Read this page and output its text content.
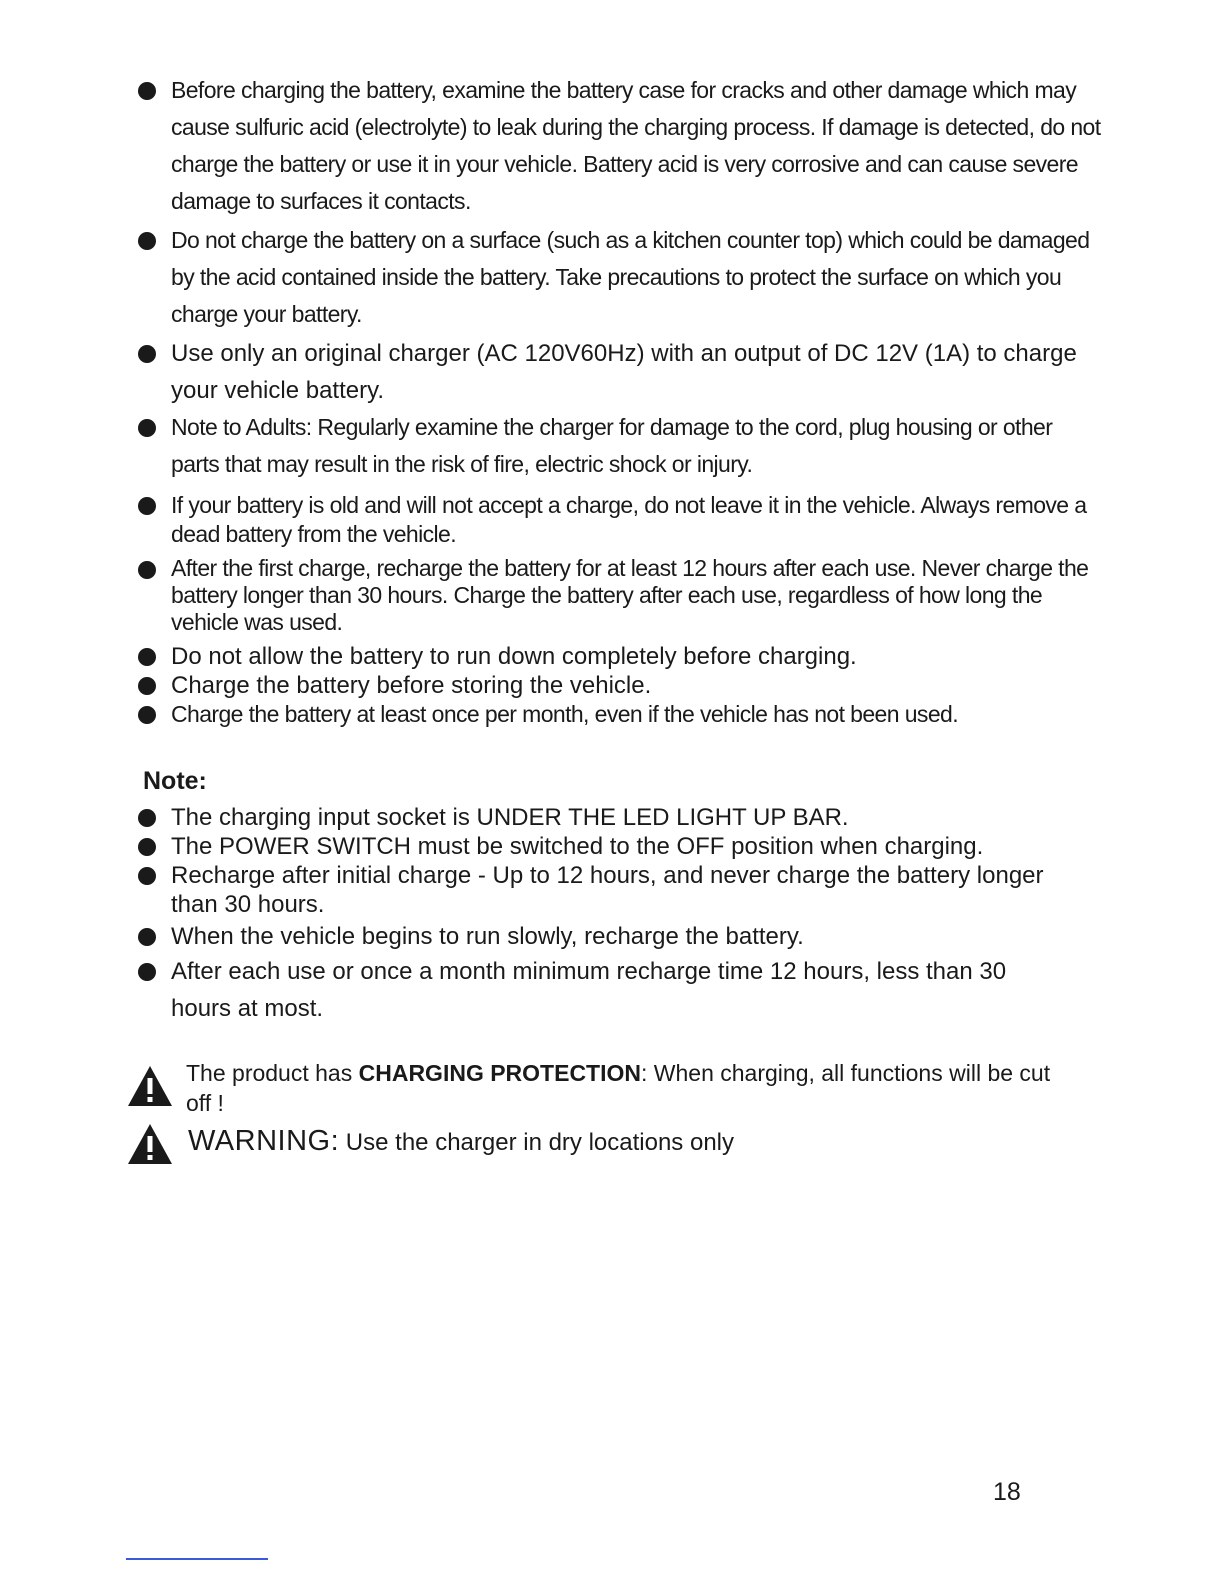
Before charging the battery, examine the battery case for cracks and other damage which may cause sulfuric acid (electrolyte) to leak during the charging process. If damage is detected, do not charge the battery or use it in your vehicle. Battery acid is very corrosive and can cause severe damage to surfaces it contacts.
Do not charge the battery on a surface (such as a kitchen counter top) which could be damaged by the acid contained inside the battery. Take precautions to protect the surface on which you charge your battery.
Use only an original charger (AC 120V60Hz) with an output of DC 12V (1A) to charge your vehicle battery.
Note to Adults: Regularly examine the charger for damage to the cord, plug housing or other parts that may result in the risk of fire, electric shock or injury.
If your battery is old and will not accept a charge, do not leave it in the vehicle. Always remove a dead battery from the vehicle.
After the first charge, recharge the battery for at least 12 hours after each use. Never charge the battery longer than 30 hours. Charge the battery after each use, regardless of how long the vehicle was used.
Do not allow the battery to run down completely before charging.
Charge the battery before storing the vehicle.
Charge the battery at least once per month, even if the vehicle has not been used.

Note:

The charging input socket is UNDER THE LED LIGHT UP BAR.
The POWER SWITCH must be switched to the OFF position when charging.
Recharge after initial charge - Up to 12 hours, and never charge the battery longer than 30 hours.
When the vehicle begins to run slowly, recharge the battery.
After each use or once a month minimum recharge time 12 hours, less than 30 hours at most.
The product has CHARGING PROTECTION: When charging, all functions will be cut off !
WARNING: Use the charger in dry locations only
18
